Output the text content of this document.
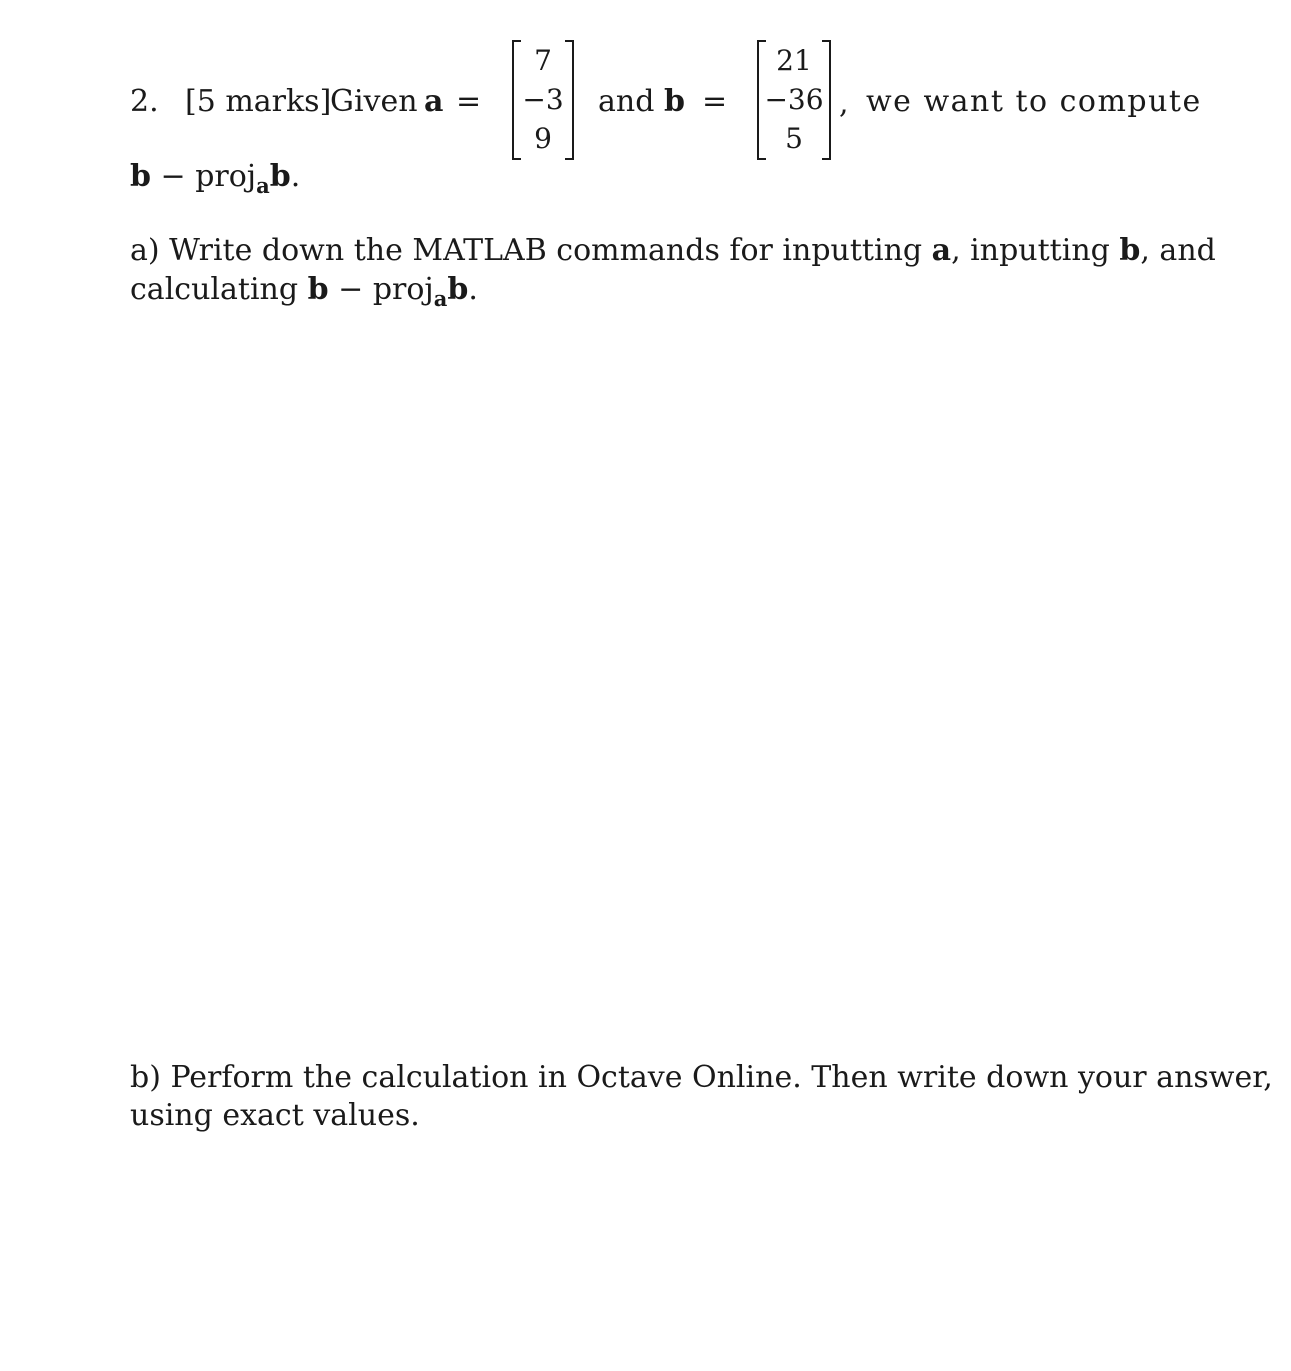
2. [5 marks]
Given a =
7
−3
9
and b =
21
−36
5
, we want to compute
b − proj$_a$b.
a) Write down the MATLAB commands for inputting a, inputting b, and
calculating b − proj$_a$b.
b) Perform the calculation in Octave Online. Then write down your answer,
using exact values.
